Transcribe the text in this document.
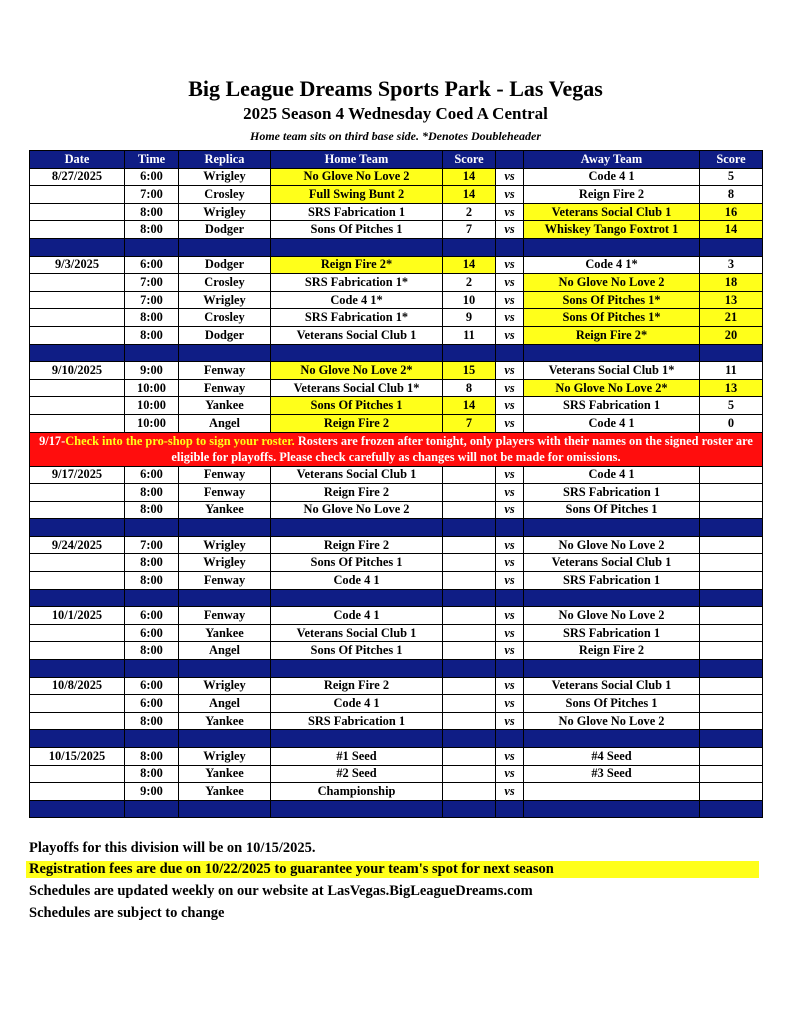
Big League Dreams Sports Park - Las Vegas
2025 Season 4 Wednesday Coed A Central
Home team sits on third base side. *Denotes Doubleheader
Date	Time	Replica	Home Team	Score		Away Team	Score
8/27/2025	6:00	Wrigley	No Glove No Love 2	14	vs	Code 4 1	5
	7:00	Crosley	Full Swing Bunt 2	14	vs	Reign Fire 2	8
	8:00	Wrigley	SRS Fabrication 1	2	vs	Veterans Social Club 1	16
	8:00	Dodger	Sons Of Pitches 1	7	vs	Whiskey Tango Foxtrot 1	14

9/3/2025	6:00	Dodger	Reign Fire 2*	14	vs	Code 4 1*	3
	7:00	Crosley	SRS Fabrication 1*	2	vs	No Glove No Love 2	18
	7:00	Wrigley	Code 4 1*	10	vs	Sons Of Pitches 1*	13
	8:00	Crosley	SRS Fabrication 1*	9	vs	Sons Of Pitches 1*	21
	8:00	Dodger	Veterans Social Club 1	11	vs	Reign Fire 2*	20

9/10/2025	9:00	Fenway	No Glove No Love 2*	15	vs	Veterans Social Club 1*	11
	10:00	Fenway	Veterans Social Club 1*	8	vs	No Glove No Love 2*	13
	10:00	Yankee	Sons Of Pitches 1	14	vs	SRS Fabrication 1	5
	10:00	Angel	Reign Fire 2	7	vs	Code 4 1	0
9/17-Check into the pro-shop to sign your roster. Rosters are frozen after tonight, only players with their names on the signed roster are eligible for playoffs. Please check carefully as changes will not be made for omissions.							
9/17/2025	6:00	Fenway	Veterans Social Club 1		vs	Code 4 1	
	8:00	Fenway	Reign Fire 2		vs	SRS Fabrication 1	
	8:00	Yankee	No Glove No Love 2		vs	Sons Of Pitches 1	

9/24/2025	7:00	Wrigley	Reign Fire 2		vs	No Glove No Love 2	
	8:00	Wrigley	Sons Of Pitches 1		vs	Veterans Social Club 1	
	8:00	Fenway	Code 4 1		vs	SRS Fabrication 1	

10/1/2025	6:00	Fenway	Code 4 1		vs	No Glove No Love 2	
	6:00	Yankee	Veterans Social Club 1		vs	SRS Fabrication 1	
	8:00	Angel	Sons Of Pitches 1		vs	Reign Fire 2	

10/8/2025	6:00	Wrigley	Reign Fire 2		vs	Veterans Social Club 1	
	6:00	Angel	Code 4 1		vs	Sons Of Pitches 1	
	8:00	Yankee	SRS Fabrication 1		vs	No Glove No Love 2	

10/15/2025	8:00	Wrigley	#1 Seed		vs	#4 Seed	
	8:00	Yankee	#2 Seed		vs	#3 Seed	
	9:00	Yankee	Championship		vs		

Playoffs for this division will be on 10/15/2025.
Registration fees are due on 10/22/2025 to guarantee your team's spot for next season
Schedules are updated weekly on our website at LasVegas.BigLeagueDreams.com
Schedules are subject to change
